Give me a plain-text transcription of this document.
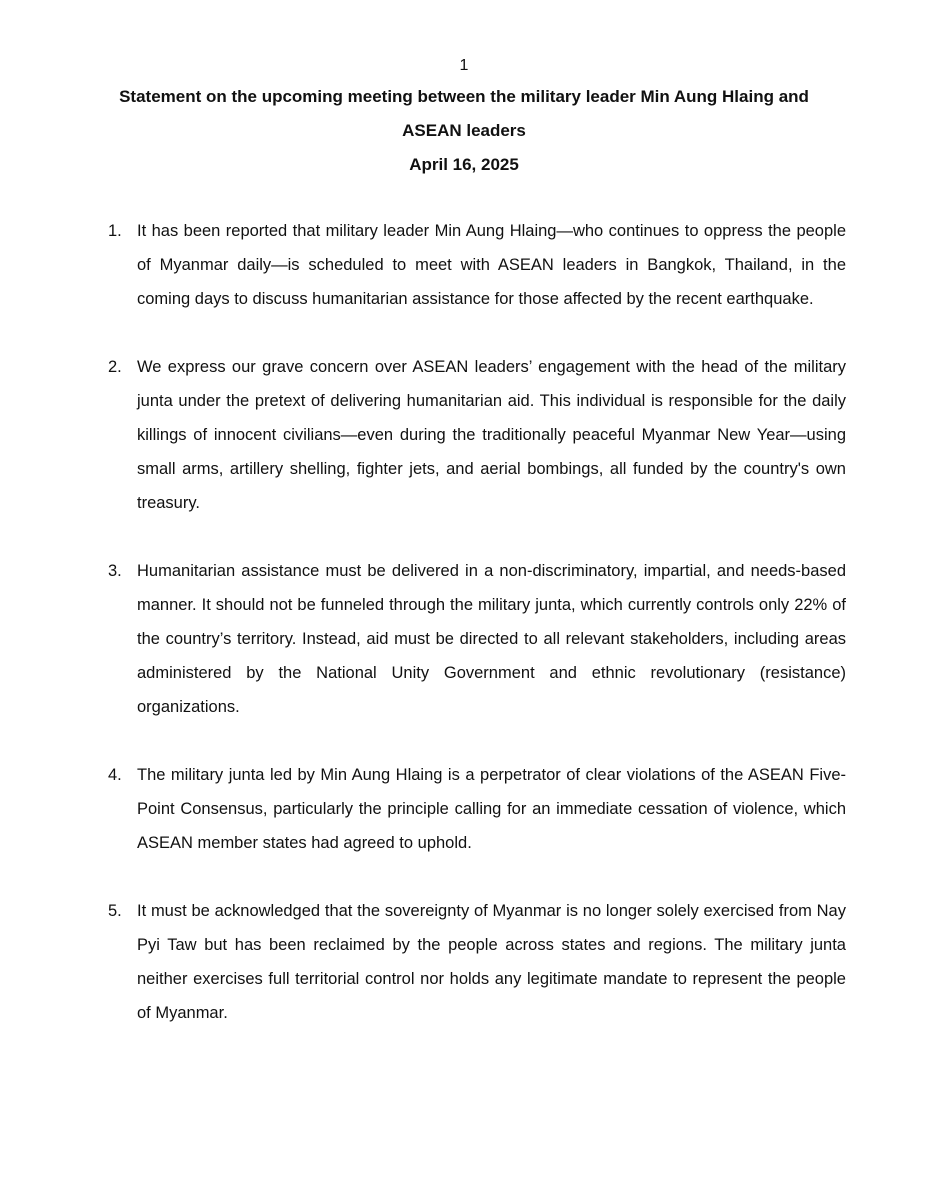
1
Statement on the upcoming meeting between the military leader Min Aung Hlaing and
ASEAN leaders
April 16, 2025
1. It has been reported that military leader Min Aung Hlaing—who continues to oppress the people of Myanmar daily—is scheduled to meet with ASEAN leaders in Bangkok, Thailand, in the coming days to discuss humanitarian assistance for those affected by the recent earthquake.
2. We express our grave concern over ASEAN leaders’ engagement with the head of the military junta under the pretext of delivering humanitarian aid. This individual is responsible for the daily killings of innocent civilians—even during the traditionally peaceful Myanmar New Year—using small arms, artillery shelling, fighter jets, and aerial bombings, all funded by the country's own treasury.
3. Humanitarian assistance must be delivered in a non-discriminatory, impartial, and needs-based manner. It should not be funneled through the military junta, which currently controls only 22% of the country’s territory. Instead, aid must be directed to all relevant stakeholders, including areas administered by the National Unity Government and ethnic revolutionary (resistance) organizations.
4. The military junta led by Min Aung Hlaing is a perpetrator of clear violations of the ASEAN Five-Point Consensus, particularly the principle calling for an immediate cessation of violence, which ASEAN member states had agreed to uphold.
5. It must be acknowledged that the sovereignty of Myanmar is no longer solely exercised from Nay Pyi Taw but has been reclaimed by the people across states and regions. The military junta neither exercises full territorial control nor holds any legitimate mandate to represent the people of Myanmar.
